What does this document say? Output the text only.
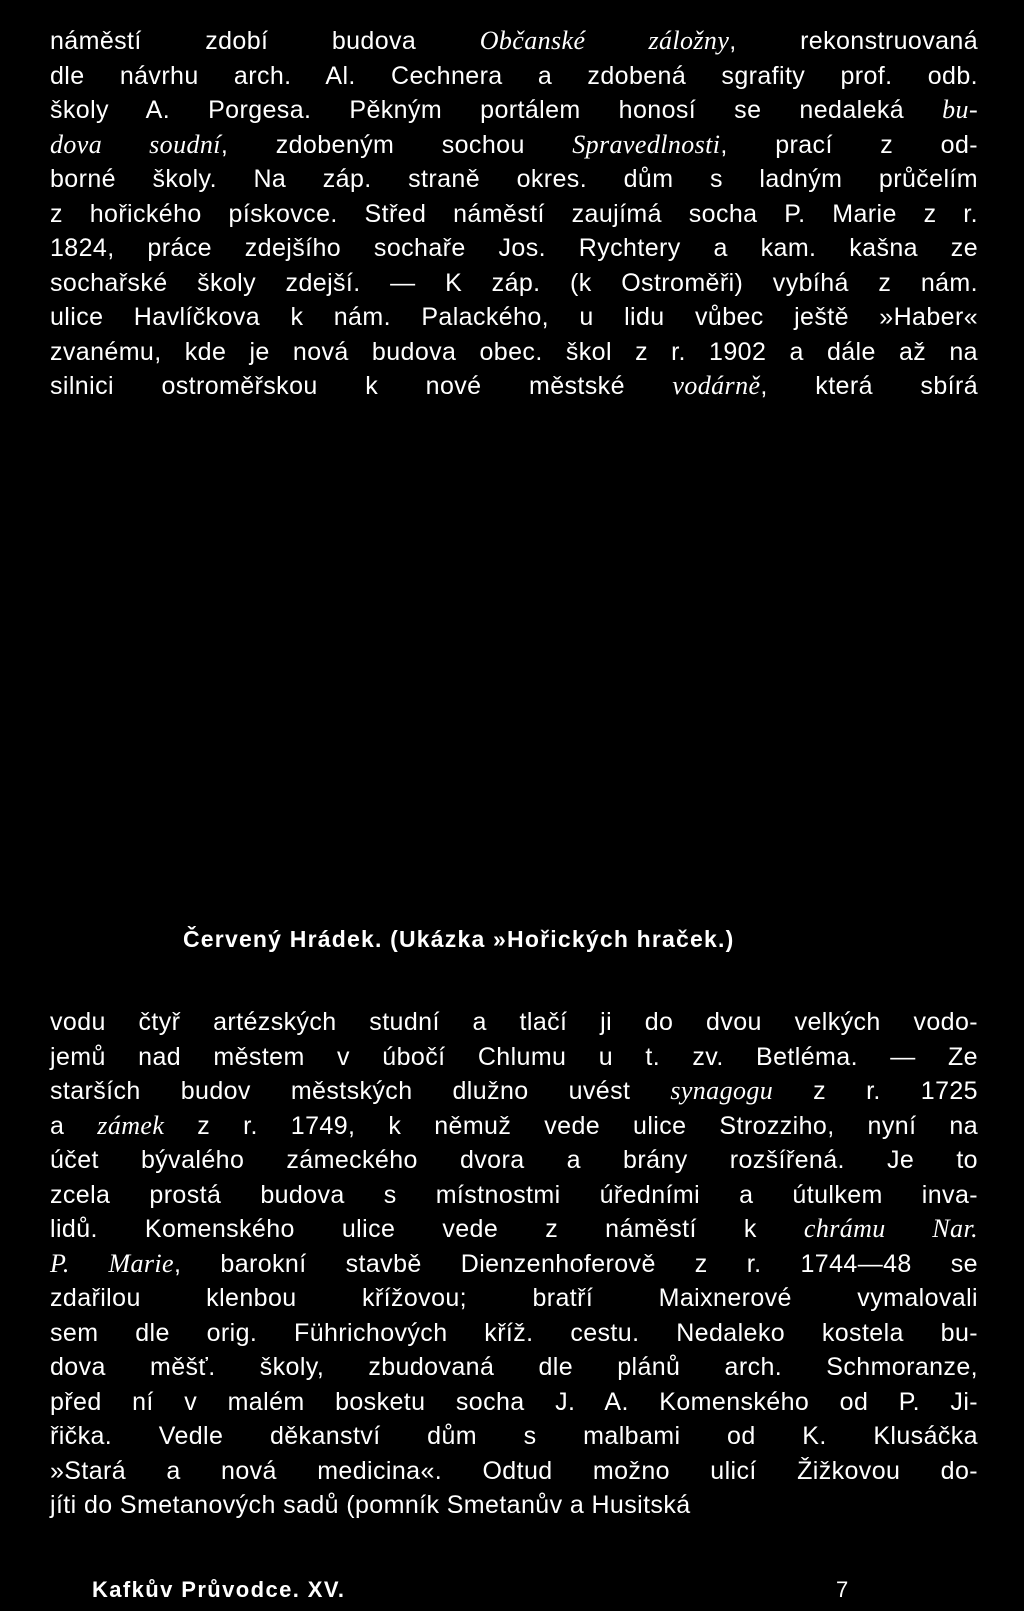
náměstí zdobí budova Občanské záložny, rekonstruovaná
dle návrhu arch. Al. Cechnera a zdobená sgrafity prof. odb.
školy A. Porgesa. Pěkným portálem honosí se nedaleká bu-
dova soudní, zdobeným sochou Spravedlnosti, prací z od-
borné školy. Na záp. straně okres. dům s ladným průčelím
z hořického pískovce. Střed náměstí zaujímá socha P. Marie z r.
1824, práce zdejšího sochaře Jos. Rychtery a kam. kašna ze
sochařské školy zdejší. — K záp. (k Ostroměři) vybíhá z nám.
ulice Havlíčkova k nám. Palackého, u lidu vůbec ještě »Haber«
zvanému, kde je nová budova obec. škol z r. 1902 a dále až na
silnici ostroměřskou k nové městské vodárně, která sbírá
Červený Hrádek. (Ukázka »Hořických hraček.)
vodu čtyř artézských studní a tlačí ji do dvou velkých vodo-
jemů nad městem v úbočí Chlumu u t. zv. Betléma. — Ze
starších budov městských dlužno uvést synagogu z r. 1725
a zámek z r. 1749, k němuž vede ulice Strozziho, nyní na
účet bývalého zámeckého dvora a brány rozšířená. Je to
zcela prostá budova s místnostmi úředními a útulkem inva-
lidů. Komenského ulice vede z náměstí k chrámu Nar.
P. Marie, barokní stavbě Dienzenhoferově z r. 1744—48 se
zdařilou klenbou křížovou; bratří Maixnerové vymalovali
sem dle orig. Führichových kříž. cestu. Nedaleko kostela bu-
dova měšť. školy, zbudovaná dle plánů arch. Schmoranze,
před ní v malém bosketu socha J. A. Komenského od P. Ji-
řička. Vedle děkanství dům s malbami od K. Klusáčka
»Stará a nová medicina«. Odtud možno ulicí Žižkovou do-
jíti do Smetanových sadů (pomník Smetanův a Husitská
Kafkův Průvodce. XV.	7
